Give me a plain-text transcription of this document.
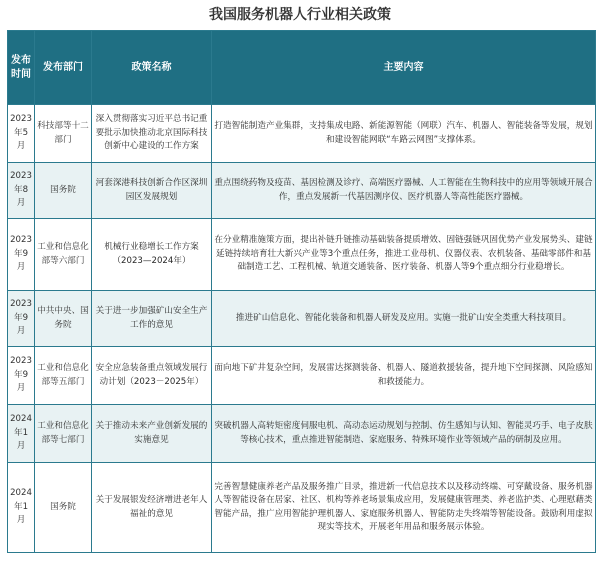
我国服务机器人行业相关政策
发布时间	发布部门	政策名称	主要内容
2023年5月	科技部等十二部门	深入贯彻落实习近平总书记重要批示加快推动北京国际科技创新中心建设的工作方案	打造智能制造产业集群，支持集成电路、新能源智能（网联）汽车、机器人、智能装备等发展，规划和建设智能网联“车路云网图”支撑体系。
2023年8月	国务院	河套深港科技创新合作区深圳园区发展规划	重点围绕药物及疫苗、基因检测及诊疗、高端医疗器械、人工智能在生物科技中的应用等领域开展合作，重点发展新一代基因测序仪、医疗机器人等高性能医疗器械。
2023年9月	工业和信息化部等六部门	机械行业稳增长工作方案（2023—2024年）	在分业精准施策方面，提出补链升链推动基础装备提质增效、固链强链巩固优势产业发展势头、建链延链持续培育壮大新兴产业等3个重点任务，推进工业母机、仪器仪表、农机装备、基础零部件和基础制造工艺、工程机械、轨道交通装备、医疗装备、机器人等9个重点细分行业稳增长。
2023年9月	中共中央、国务院	关于进一步加强矿山安全生产工作的意见	推进矿山信息化、智能化装备和机器人研发及应用。实施一批矿山安全类重大科技项目。
2023年9月	工业和信息化部等五部门	安全应急装备重点领域发展行动计划（2023－2025年）	面向地下矿井复杂空间，发展雷达探测装备、机器人、隧道救援装备，提升地下空间探测、风险感知和救援能力。
2024年1月	工业和信息化部等七部门	关于推动未来产业创新发展的实施意见	突破机器人高转矩密度伺服电机、高动态运动规划与控制、仿生感知与认知、智能灵巧手、电子皮肤等核心技术，重点推进智能制造、家庭服务、特殊环境作业等领域产品的研制及应用。
2024年1月	国务院	关于发展银发经济增进老年人福祉的意见	完善智慧健康养老产品及服务推广目录，推进新一代信息技术以及移动终端、可穿戴设备、服务机器人等智能设备在居家、社区、机构等养老场景集成应用，发展健康管理类、养老监护类、心理慰藉类智能产品，推广应用智能护理机器人、家庭服务机器人、智能防走失终端等智能设备。鼓励利用虚拟现实等技术，开展老年用品和服务展示体验。
